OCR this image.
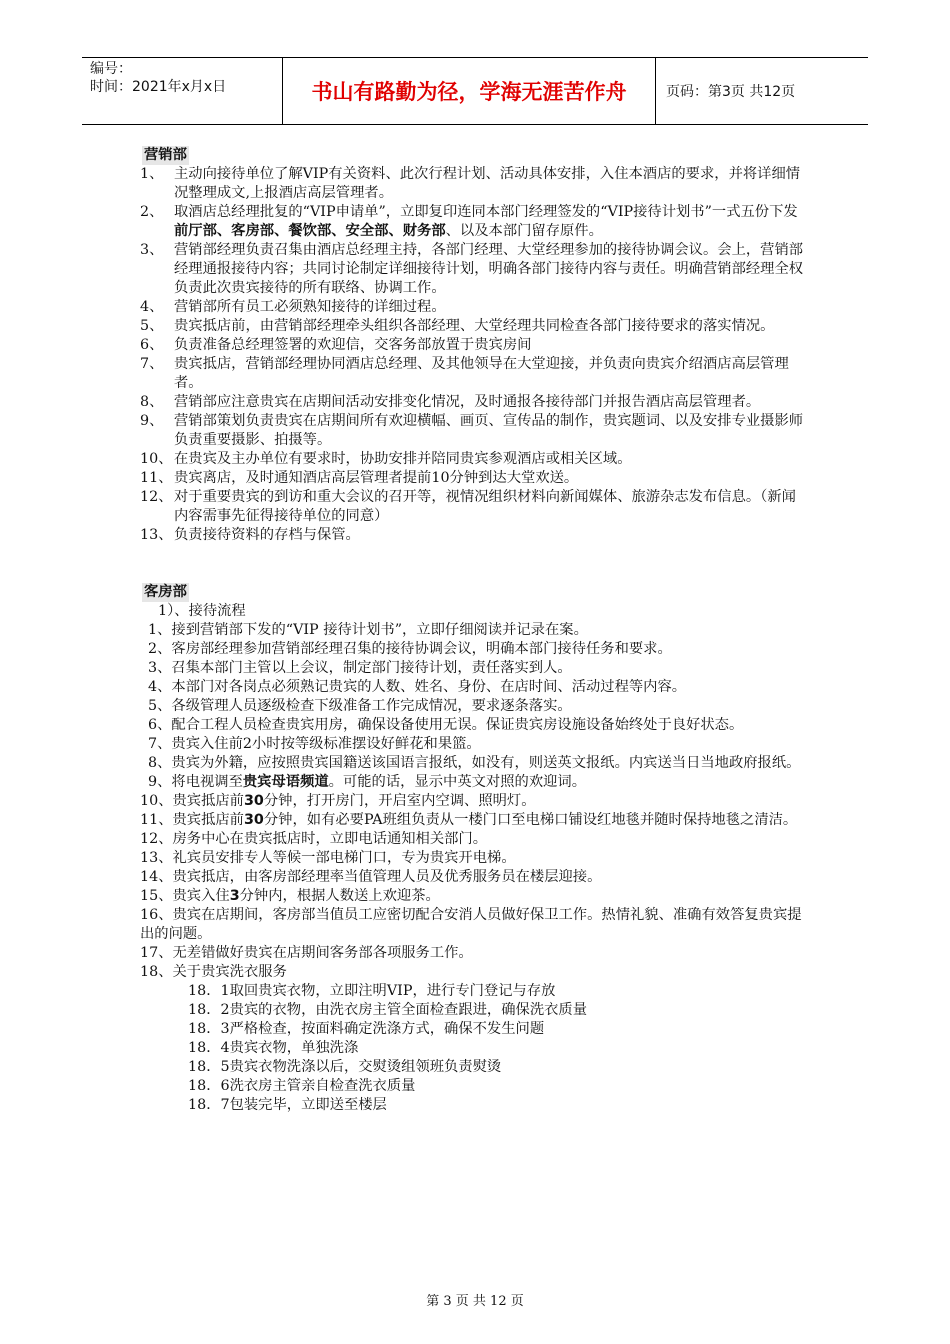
编号：
时间：2021年x月x日	书山有路勤为径，学海无涯苦作舟	页码：第3页 共12页
营销部
1、 主动向接待单位了解VIP有关资料、此次行程计划、活动具体安排，入住本酒店的要求，并将详细情况整理成文,上报酒店高层管理者。
2、 取酒店总经理批复的“VIP申请单”，立即复印连同本部门经理签发的“VIP接待计划书”一式五份下发前厅部、客房部、餐饮部、安全部、财务部、以及本部门留存原件。
3、 营销部经理负责召集由酒店总经理主持，各部门经理、大堂经理参加的接待协调会议。会上，营销部经理通报接待内容；共同讨论制定详细接待计划，明确各部门接待内容与责任。明确营销部经理全权负责此次贵宾接待的所有联络、协调工作。
4、 营销部所有员工必须熟知接待的详细过程。
5、 贵宾抵店前，由营销部经理牵头组织各部经理、大堂经理共同检查各部门接待要求的落实情况。
6、 负责准备总经理签署的欢迎信，交客务部放置于贵宾房间
7、 贵宾抵店，营销部经理协同酒店总经理、及其他领导在大堂迎接，并负责向贵宾介绍酒店高层管理者。
8、 营销部应注意贵宾在店期间活动安排变化情况，及时通报各接待部门并报告酒店高层管理者。
9、 营销部策划负责贵宾在店期间所有欢迎横幅、画页、宣传品的制作，贵宾题词、以及安排专业摄影师负责重要摄影、拍摄等。
10、 在贵宾及主办单位有要求时，协助安排并陪同贵宾参观酒店或相关区域。
11、 贵宾离店，及时通知酒店高层管理者提前10分钟到达大堂欢送。
12、 对于重要贵宾的到访和重大会议的召开等，视情况组织材料向新闻媒体、旅游杂志发布信息。（新闻内容需事先征得接待单位的同意）
13、 负责接待资料的存档与保管。
客房部
1）、接待流程
1、接到营销部下发的“VIP 接待计划书”，立即仔细阅读并记录在案。
2、客房部经理参加营销部经理召集的接待协调会议，明确本部门接待任务和要求。
3、召集本部门主管以上会议，制定部门接待计划，责任落实到人。
4、本部门对各岗点必须熟记贵宾的人数、姓名、身份、在店时间、活动过程等内容。
5、各级管理人员逐级检查下级准备工作完成情况，要求逐条落实。
6、配合工程人员检查贵宾用房，确保设备使用无误。保证贵宾房设施设备始终处于良好状态。
7、贵宾入住前2小时按等级标准摆设好鲜花和果篮。
8、贵宾为外籍，应按照贵宾国籍送该国语言报纸，如没有，则送英文报纸。内宾送当日当地政府报纸。
9、将电视调至贵宾母语频道。可能的话，显示中英文对照的欢迎词。
10、贵宾抵店前30分钟，打开房门，开启室内空调、照明灯。
11、贵宾抵店前30分钟，如有必要PA班组负责从一楼门口至电梯口铺设红地毯并随时保持地毯之清洁。
12、房务中心在贵宾抵店时，立即电话通知相关部门。
13、礼宾员安排专人等候一部电梯门口，专为贵宾开电梯。
14、贵宾抵店，由客房部经理率当值管理人员及优秀服务员在楼层迎接。
15、贵宾入住3分钟内，根据人数送上欢迎茶。
16、贵宾在店期间，客房部当值员工应密切配合安消人员做好保卫工作。热情礼貌、准确有效答复贵宾提出的问题。
17、无差错做好贵宾在店期间客务部各项服务工作。
18、关于贵宾洗衣服务
18．1取回贵宾衣物，立即注明VIP，进行专门登记与存放
18．2贵宾的衣物，由洗衣房主管全面检查跟进，确保洗衣质量
18．3严格检查，按面料确定洗涤方式，确保不发生问题
18．4贵宾衣物，单独洗涤
18．5贵宾衣物洗涤以后，交熨烫组领班负责熨烫
18．6洗衣房主管亲自检查洗衣质量
18．7包装完毕，立即送至楼层
第 3 页 共 12 页
